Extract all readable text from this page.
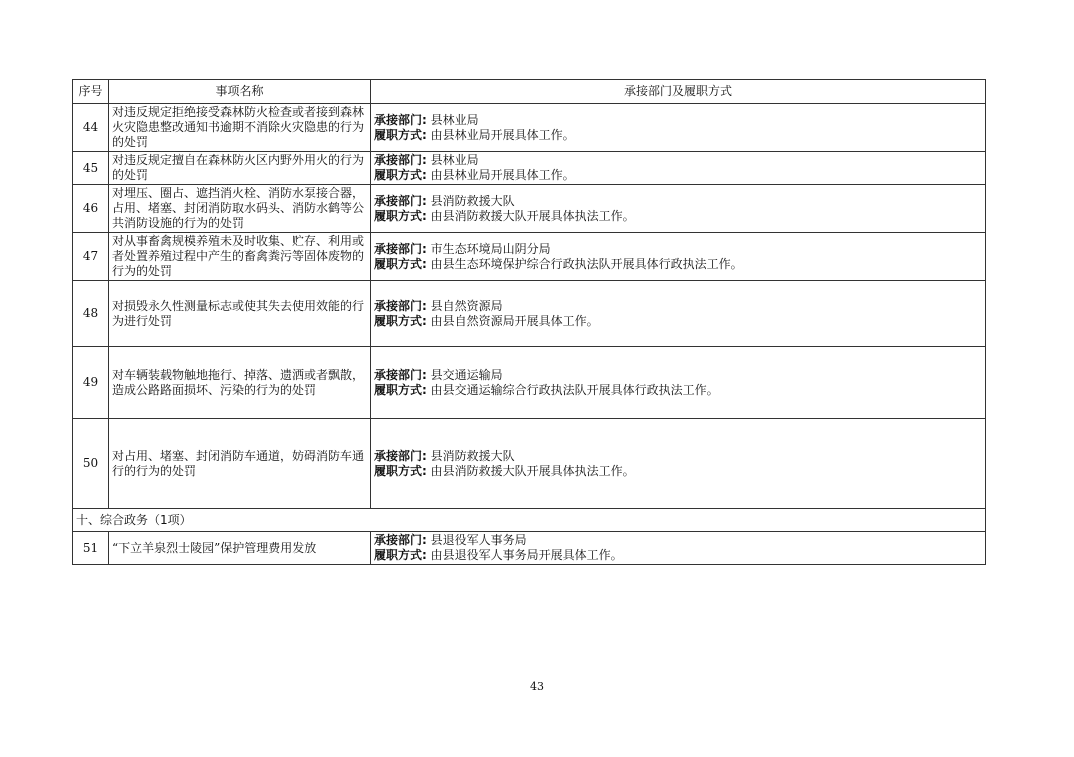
序号	事项名称	承接部门及履职方式
44	对违反规定拒绝接受森林防火检查或者接到森林 火灾隐患整改通知书逾期不消除火灾隐患的行为的处罚	承接部门: 县林业局
履职方式: 由县林业局开展具体工作。

45	对违反规定擅自在森林防火区内野外用火的行为的处罚	承接部门: 县林业局
履职方式: 由县林业局开展具体工作。

46	对埋压、圈占、遮挡消火栓、消防水泵接合器，占用、堵塞、封闭消防取水码头、消防水鹤等公共消防设施的行为的处罚	承接部门: 县消防救援大队
履职方式: 由县消防救援大队开展具体执法工作。

47	对从事畜禽规模养殖未及时收集、贮存、利用或 者处置养殖过程中产生的畜禽粪污等固体废物的 行为的处罚	承接部门: 市生态环境局山阴分局
履职方式: 由县生态环境保护综合行政执法队开展具体行政执法工作。

48	对损毁永久性测量标志或使其失去使用效能的行为进行处罚	承接部门: 县自然资源局
履职方式: 由县自然资源局开展具体工作。

49	对车辆装载物触地拖行、掉落、遗洒或者飘散，造成公路路面损坏、污染的行为的处罚	承接部门: 县交通运输局
履职方式: 由县交通运输综合行政执法队开展具体行政执法工作。

50	对占用、堵塞、封闭消防车通道，妨碍消防车通行的行为的处罚	承接部门: 县消防救援大队
履职方式: 由县消防救援大队开展具体执法工作。

十、综合政务（1项）		
51	“下立羊泉烈士陵园”保护管理费用发放	承接部门: 县退役军人事务局
履职方式: 由县退役军人事务局开展具体工作。
43
